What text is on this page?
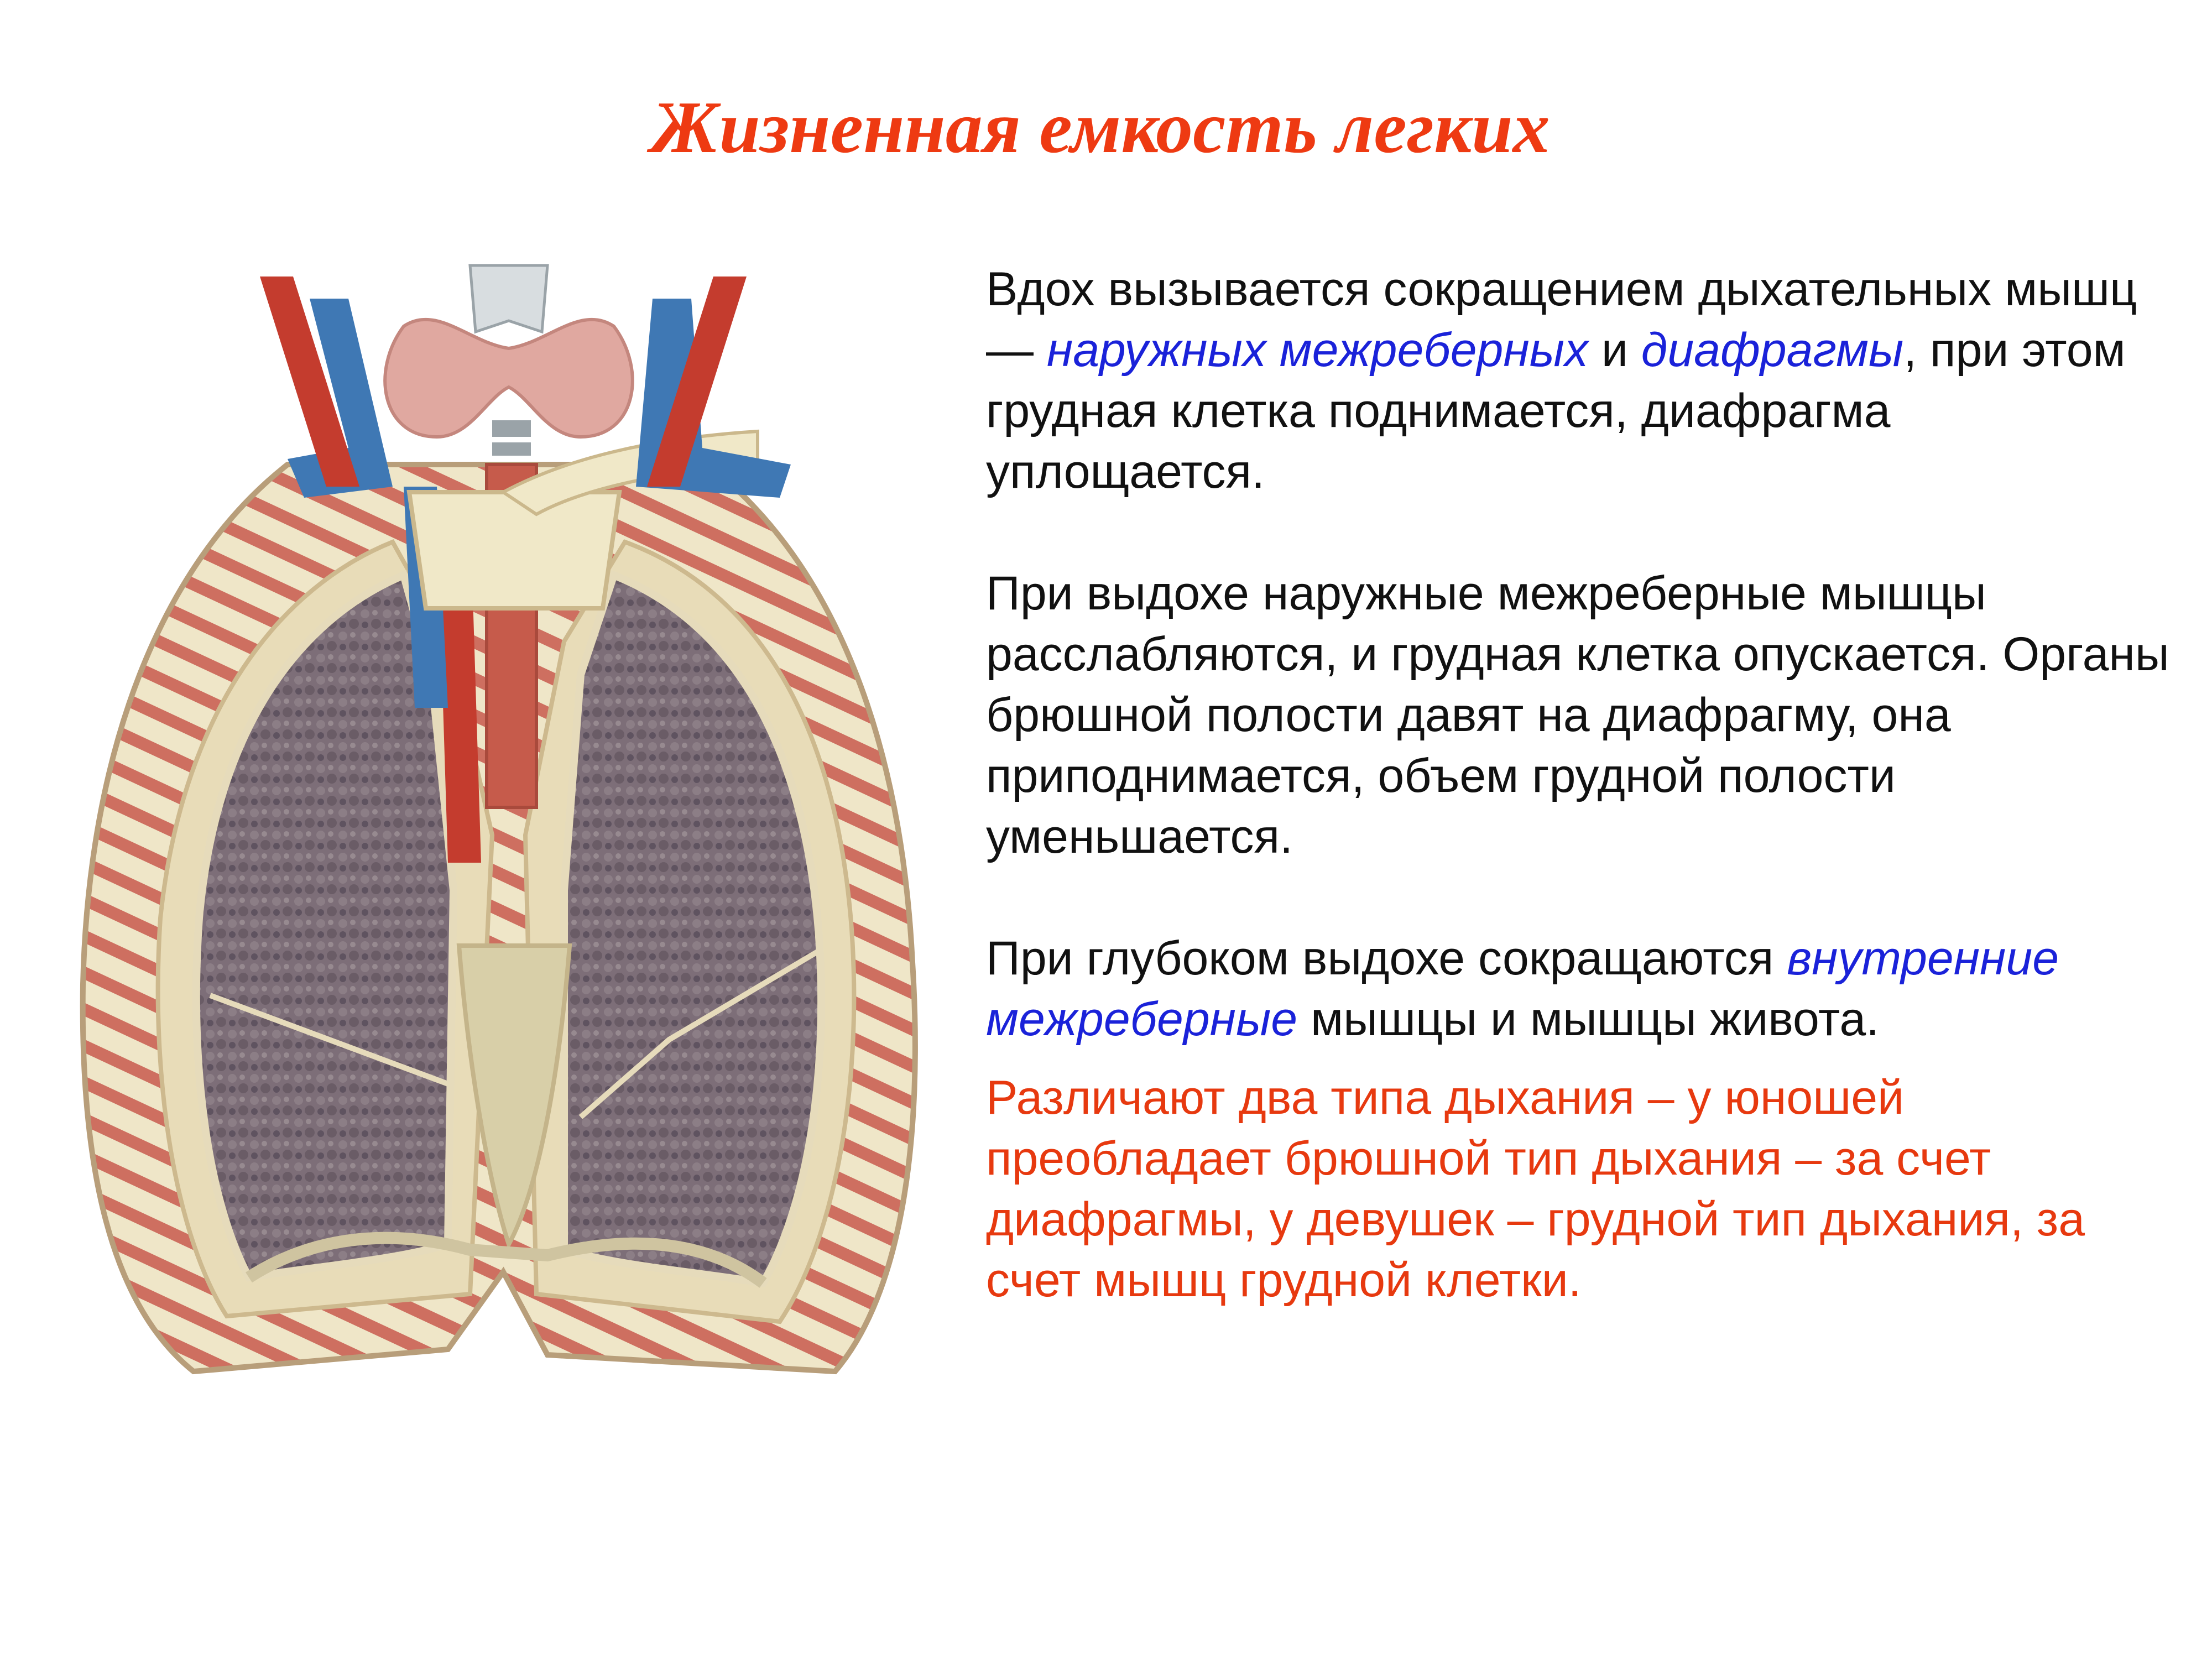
Жизненная емкость легких

Вдох вызывается сокращением дыхательных мышц — наружных межреберных и диафрагмы, при этом грудная клетка поднимается, диафрагма уплощается.

При выдохе наружные межреберные мышцы расслабляются, и грудная клетка опускается. Органы брюшной полости давят на диафрагму, она приподнимается, объем грудной полости уменьшается.

При глубоком выдохе сокращаются внутренние межреберные мышцы и мышцы живота.

Различают два типа дыхания – у юношей преобладает брюшной тип дыхания – за счет диафрагмы, у девушек – грудной тип дыхания, за счет мышц грудной клетки.
